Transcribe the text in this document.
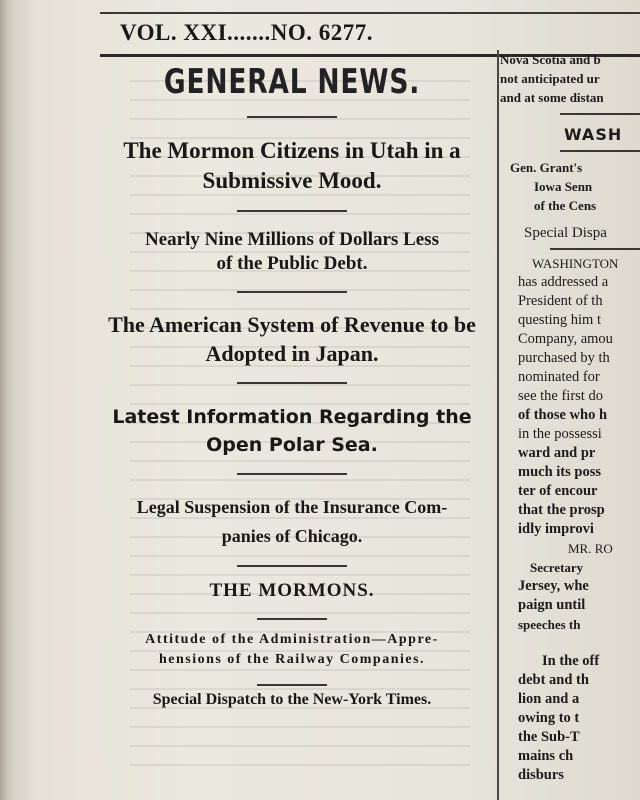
VOL. XXI.......NO. 6277.
GENERAL NEWS.
The Mormon Citizens in Utah in a
Submissive Mood.
Nearly Nine Millions of Dollars Less
of the Public Debt.
The American System of Revenue to be
Adopted in Japan.
Latest Information Regarding the
Open Polar Sea.
Legal Suspension of the Insurance Com-
panies of Chicago.
THE MORMONS.
Attitude of the Administration—Appre-
hensions of the Railway Companies.
Special Dispatch to the New-York Times.
Nova Scotia and b
not anticipated ur
and at some distan
WASH
Gen. Grant's
Iowa Senn
of the Cens
Special Dispa
WASHINGTON
has addressed a
President of th
questing him t
Company, amou
purchased by th
nominated for
see the first do
of those who h
in the possessi
ward and pr
much its poss
ter of encour
that the prosp
idly improvi
MR. RO
Secretary
Jersey, whe
paign until
speeches th
In the off
debt and th
lion and a
owing to t
the Sub-T
mains ch
disburs
